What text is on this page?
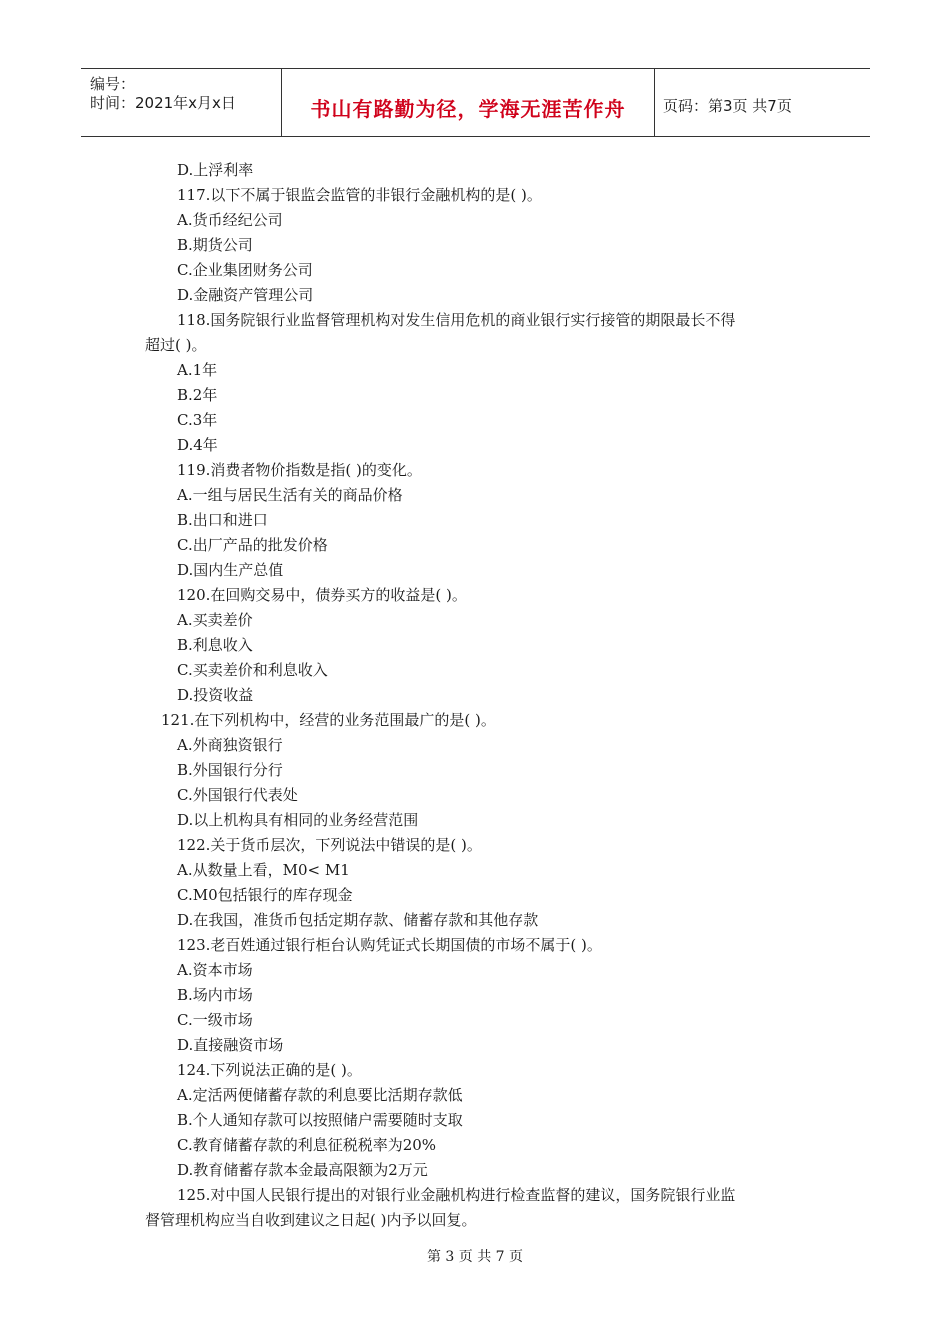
编号：
时间：2021年x月x日	书山有路勤为径，学海无涯苦作舟	页码：第3页 共7页
D.上浮利率
117.以下不属于银监会监管的非银行金融机构的是( )。
A.货币经纪公司
B.期货公司
C.企业集团财务公司
D.金融资产管理公司
118.国务院银行业监督管理机构对发生信用危机的商业银行实行接管的期限最长不得
超过( )。
A.1年
B.2年
C.3年
D.4年
119.消费者物价指数是指( )的变化。
A.一组与居民生活有关的商品价格
B.出口和进口
C.出厂产品的批发价格
D.国内生产总值
120.在回购交易中，债券买方的收益是( )。
A.买卖差价
B.利息收入
C.买卖差价和利息收入
D.投资收益
121.在下列机构中，经营的业务范围最广的是( )。
A.外商独资银行
B.外国银行分行
C.外国银行代表处
D.以上机构具有相同的业务经营范围
122.关于货币层次，下列说法中错误的是( )。
A.从数量上看，M0< M1
C.M0包括银行的库存现金
D.在我国，准货币包括定期存款、储蓄存款和其他存款
123.老百姓通过银行柜台认购凭证式长期国债的市场不属于( )。
A.资本市场
B.场内市场
C.一级市场
D.直接融资市场
124.下列说法正确的是( )。
A.定活两便储蓄存款的利息要比活期存款低
B.个人通知存款可以按照储户需要随时支取
C.教育储蓄存款的利息征税税率为20%
D.教育储蓄存款本金最高限额为2万元
125.对中国人民银行提出的对银行业金融机构进行检查监督的建议，国务院银行业监
督管理机构应当自收到建议之日起( )内予以回复。
第 3 页 共 7 页
